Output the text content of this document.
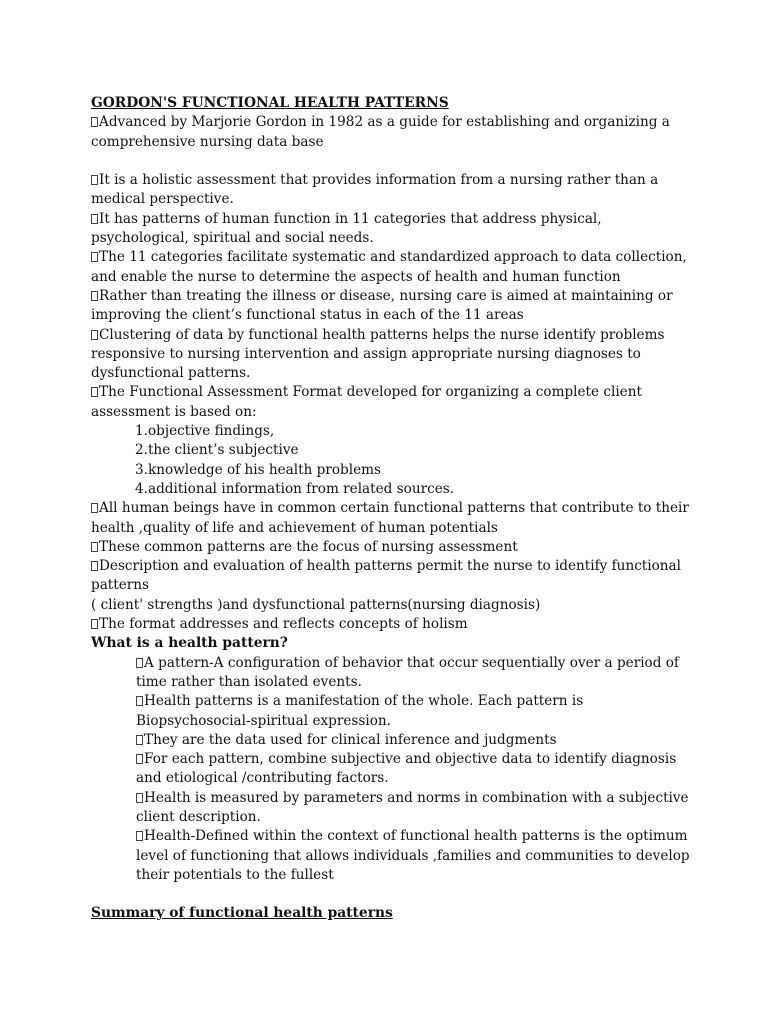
GORDON'S FUNCTIONAL HEALTH PATTERNS
Advanced by Marjorie Gordon in 1982 as a guide for establishing and organizing a
comprehensive nursing data base
It is a holistic assessment that provides information from a nursing rather than a
medical perspective.
It has patterns of human function in 11 categories that address physical,
psychological, spiritual and social needs.
The 11 categories facilitate systematic and standardized approach to data collection,
and enable the nurse to determine the aspects of health and human function
Rather than treating the illness or disease, nursing care is aimed at maintaining or
improving the client’s functional status in each of the 11 areas
Clustering of data by functional health patterns helps the nurse identify problems
responsive to nursing intervention and assign appropriate nursing diagnoses to
dysfunctional patterns.
The Functional Assessment Format developed for organizing a complete client
assessment is based on:
1.objective findings,
2.the client’s subjective
3.knowledge of his health problems
4.additional information from related sources.
All human beings have in common certain functional patterns that contribute to their
health ,quality of life and achievement of human potentials
These common patterns are the focus of nursing assessment
Description and evaluation of health patterns permit the nurse to identify functional
patterns
( client' strengths )and dysfunctional patterns(nursing diagnosis)
The format addresses and reflects concepts of holism
What is a health pattern?
A pattern-A configuration of behavior that occur sequentially over a period of
time rather than isolated events.
Health patterns is a manifestation of the whole. Each pattern is
Biopsychosocial-spiritual expression.
They are the data used for clinical inference and judgments
For each pattern, combine subjective and objective data to identify diagnosis
and etiological /contributing factors.
Health is measured by parameters and norms in combination with a subjective
client description.
Health-Defined within the context of functional health patterns is the optimum
level of functioning that allows individuals ,families and communities to develop
their potentials to the fullest
Summary of functional health patterns
